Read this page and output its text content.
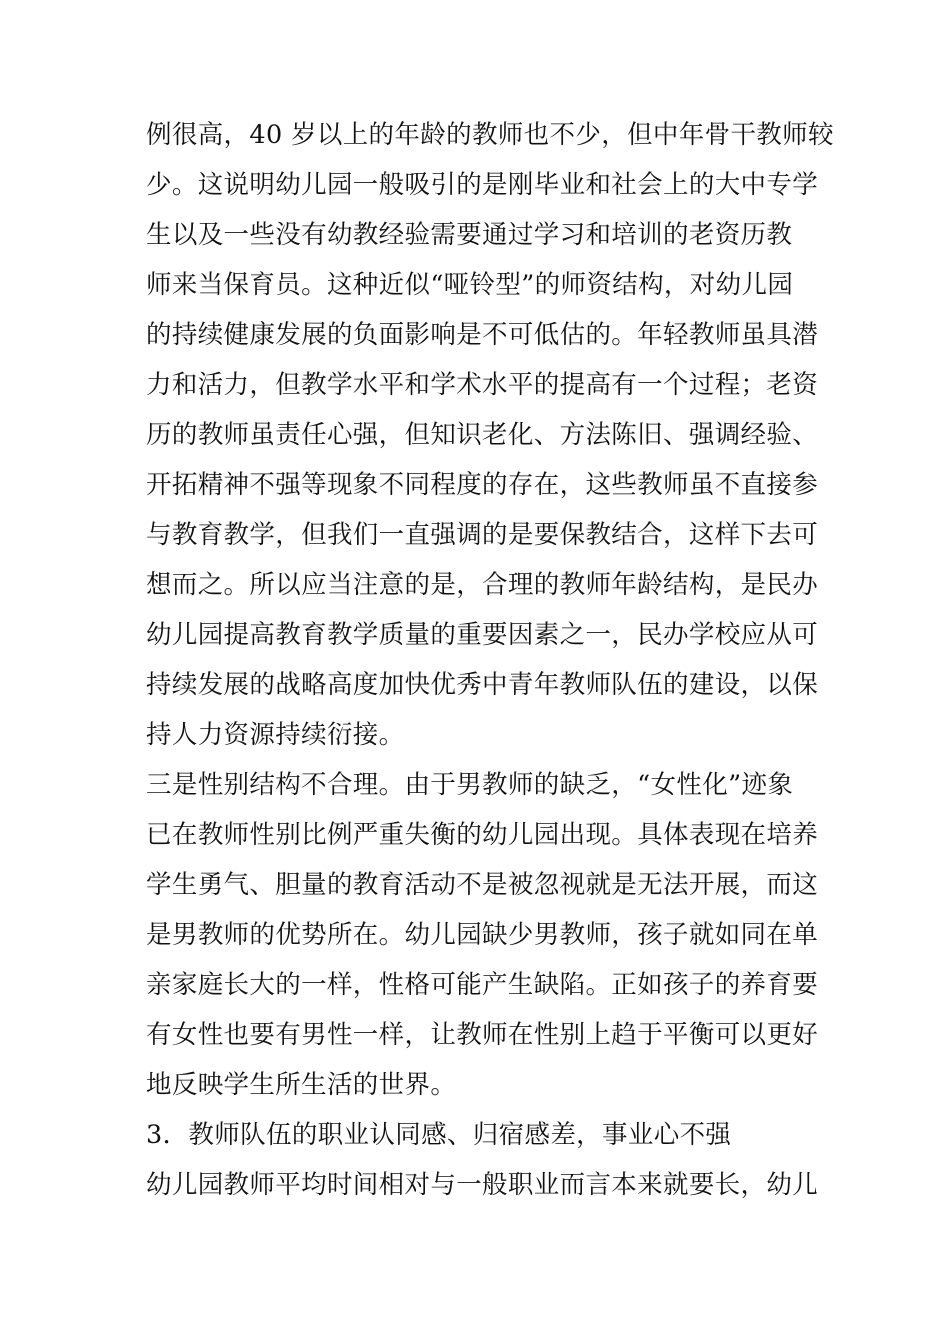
例很高，40 岁以上的年龄的教师也不少，但中年骨干教师较
少。这说明幼儿园一般吸引的是刚毕业和社会上的大中专学
生以及一些没有幼教经验需要通过学习和培训的老资历教
师来当保育员。这种近似“哑铃型”的师资结构，对幼儿园
的持续健康发展的负面影响是不可低估的。年轻教师虽具潜
力和活力，但教学水平和学术水平的提高有一个过程；老资
历的教师虽责任心强，但知识老化、方法陈旧、强调经验、
开拓精神不强等现象不同程度的存在，这些教师虽不直接参
与教育教学，但我们一直强调的是要保教结合，这样下去可
想而之。所以应当注意的是，合理的教师年龄结构，是民办
幼儿园提高教育教学质量的重要因素之一，民办学校应从可
持续发展的战略高度加快优秀中青年教师队伍的建设，以保
持人力资源持续衍接。
三是性别结构不合理。由于男教师的缺乏，“女性化”迹象
已在教师性别比例严重失衡的幼儿园出现。具体表现在培养
学生勇气、胆量的教育活动不是被忽视就是无法开展，而这
是男教师的优势所在。幼儿园缺少男教师，孩子就如同在单
亲家庭长大的一样，性格可能产生缺陷。正如孩子的养育要
有女性也要有男性一样，让教师在性别上趋于平衡可以更好
地反映学生所生活的世界。
3．教师队伍的职业认同感、归宿感差，事业心不强
幼儿园教师平均时间相对与一般职业而言本来就要长，幼儿
